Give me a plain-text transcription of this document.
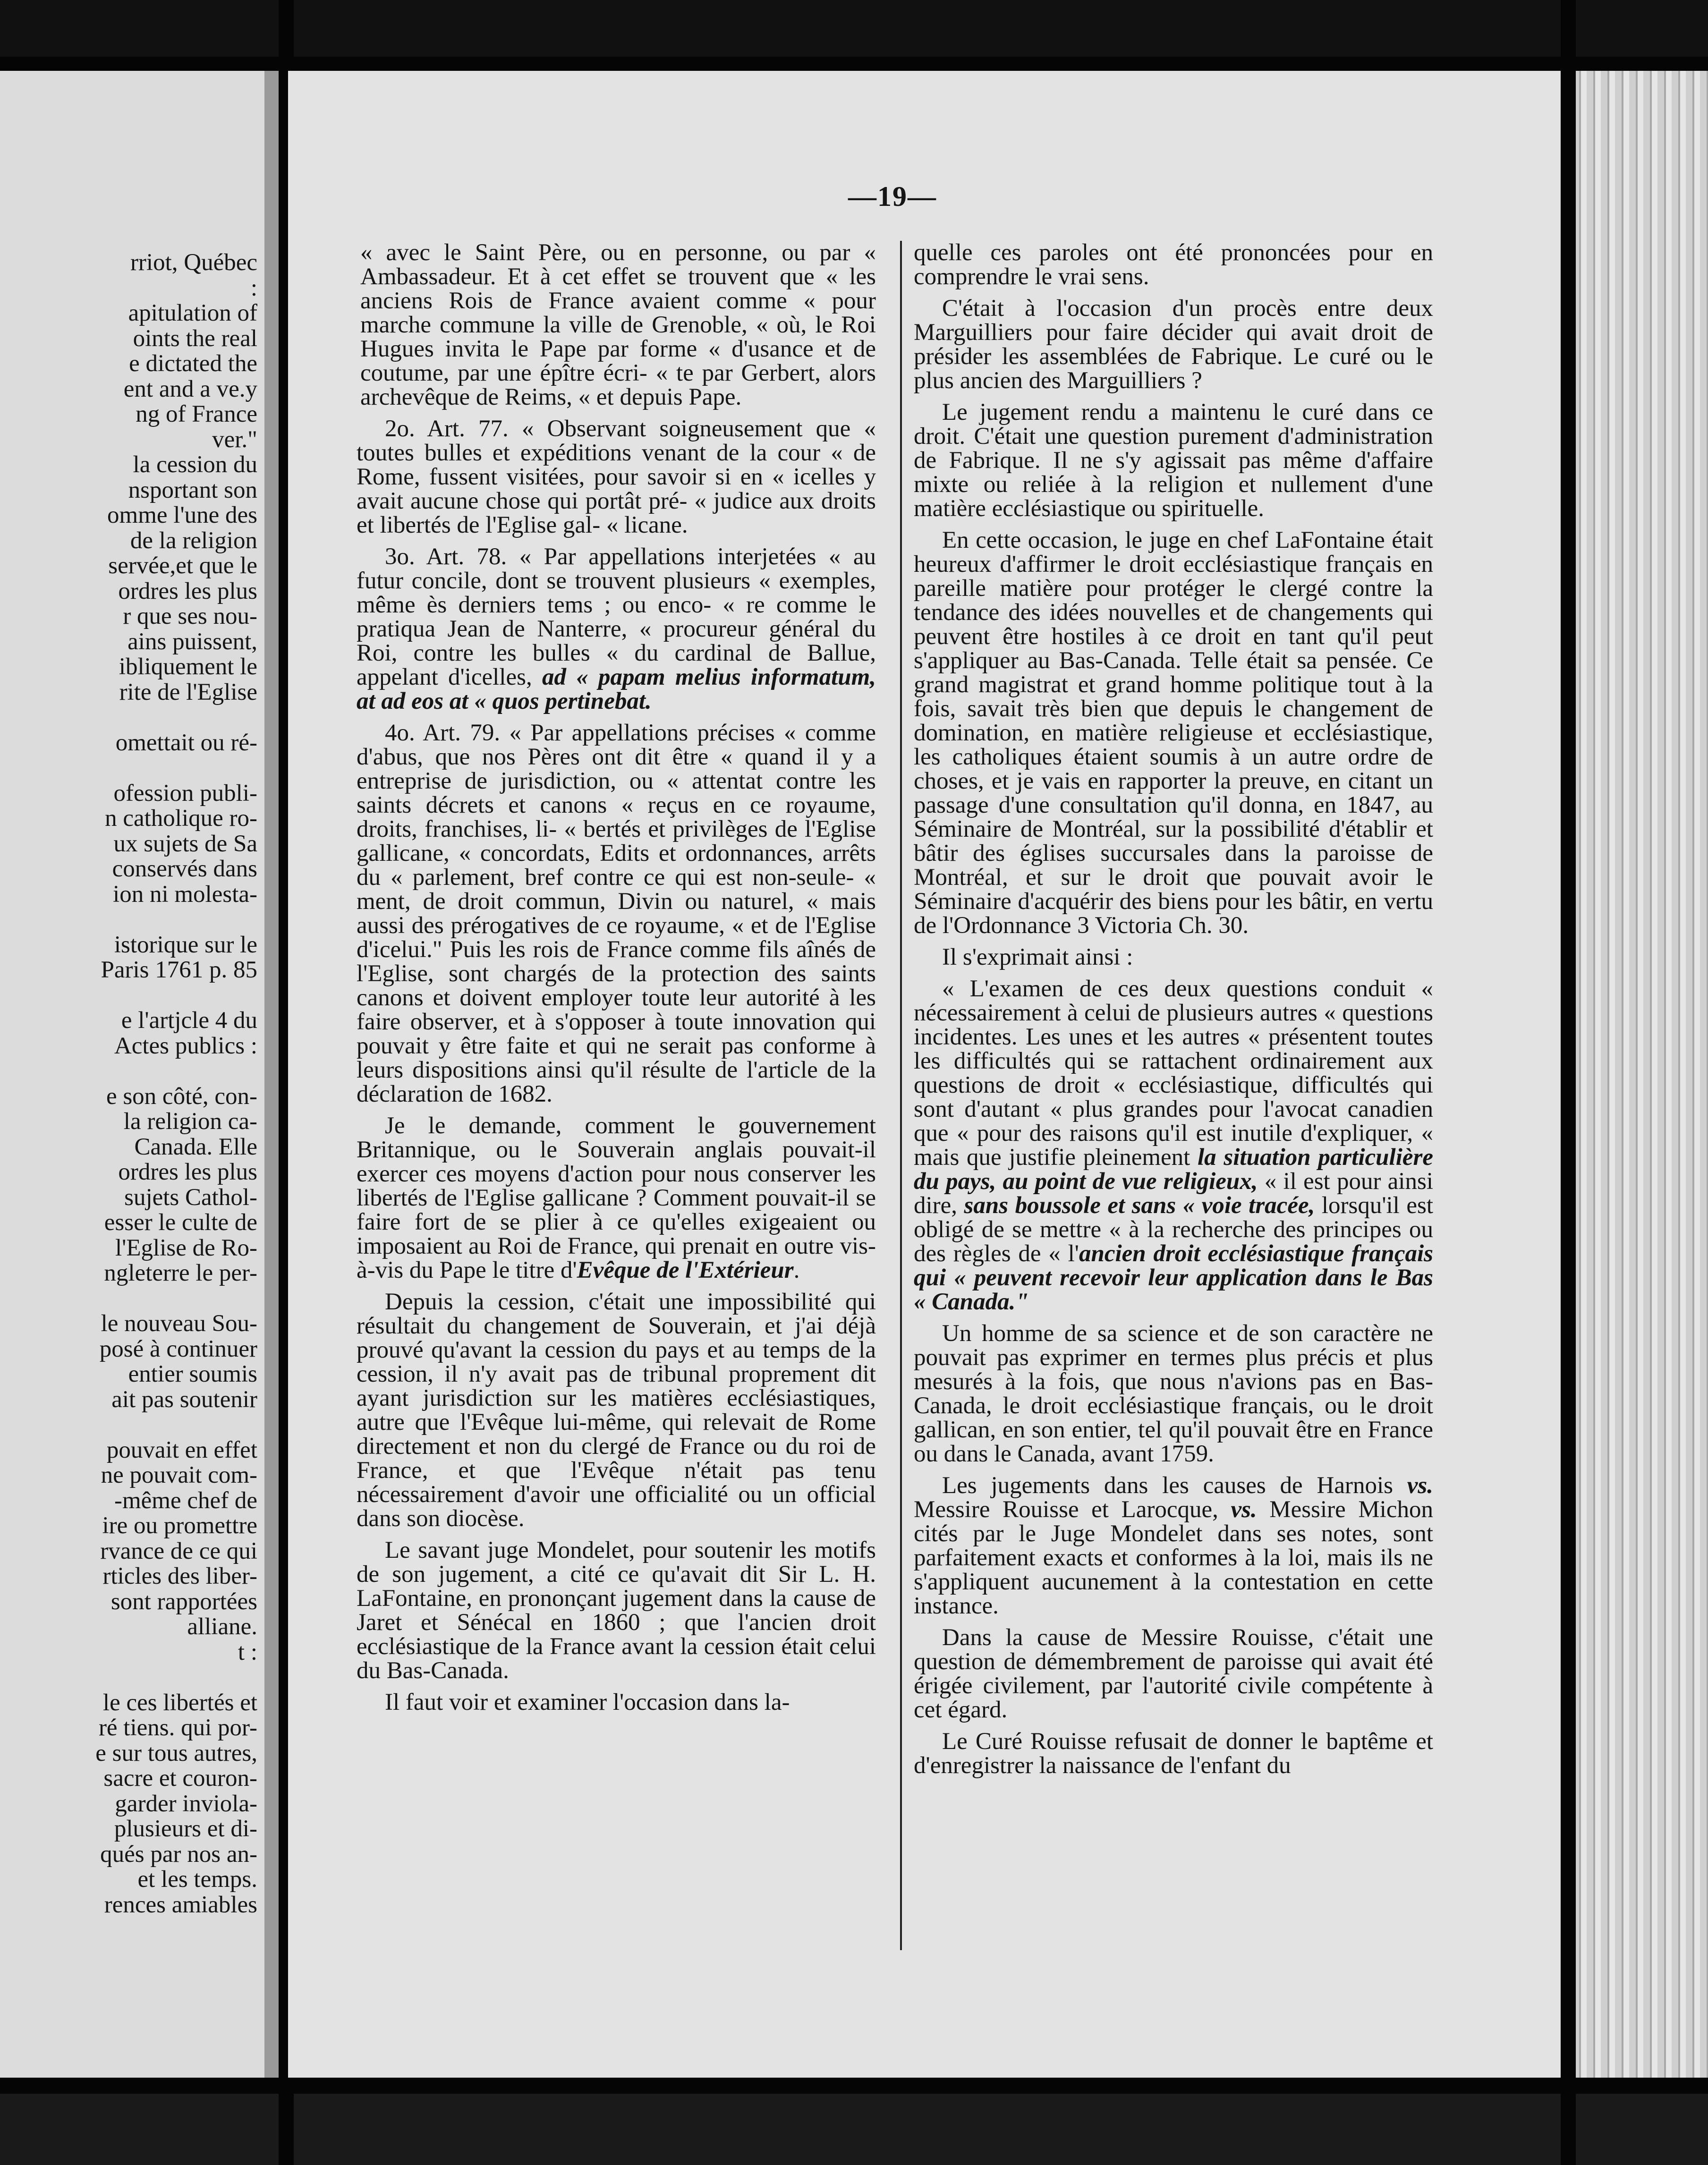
rriot, Québec
:
apitulation of
oints the real
e dictated the
ent and a ve.y
ng of France
ver."
la cession du
nsportant son
omme l'une des
de la religion
servée,et que le
ordres les plus
r que ses nou-
ains puissent,
ibliquement le
rite de l'Eglise

omettait ou ré-

ofession publi-
n catholique ro-
ux sujets de Sa
conservés dans
ion ni molesta-

istorique sur le
Paris 1761 p. 85

e l'artjcle 4 du
Actes publics :

e son côté, con-
la religion ca-
Canada. Elle
ordres les plus
sujets Cathol-
esser le culte de
l'Eglise de Ro-
ngleterre le per-

le nouveau Sou-
posé à continuer
entier soumis
ait pas soutenir

pouvait en effet
ne pouvait com-
-même chef de
ire ou promettre
rvance de ce qui
rticles des liber-
sont rapportées
alliane.
t :

le ces libertés et
ré tiens. qui por-
e sur tous autres,
sacre et couron-
garder inviola-
plusieurs et di-
qués par nos an-
et les temps.
rences amiables
—19—

« avec le Saint Père, ou en personne, ou par « Ambassadeur. Et à cet effet se trouvent que « les anciens Rois de France avaient comme « pour marche commune la ville de Grenoble, « où, le Roi Hugues invita le Pape par forme « d'usance et de coutume, par une épître écri- « te par Gerbert, alors archevêque de Reims, « et depuis Pape.

2o. Art. 77. « Observant soigneusement que « toutes bulles et expéditions venant de la cour « de Rome, fussent visitées, pour savoir si en « icelles y avait aucune chose qui portât pré- « judice aux droits et libertés de l'Eglise gal- « licane.

3o. Art. 78. « Par appellations interjetées « au futur concile, dont se trouvent plusieurs « exemples, même ès derniers tems ; ou enco- « re comme le pratiqua Jean de Nanterre, « procureur général du Roi, contre les bulles « du cardinal de Ballue, appelant d'icelles, ad « papam melius informatum, at ad eos at « quos pertinebat.

4o. Art. 79. « Par appellations précises « comme d'abus, que nos Pères ont dit être « quand il y a entreprise de jurisdiction, ou « attentat contre les saints décrets et canons « reçus en ce royaume, droits, franchises, li- « bertés et privilèges de l'Eglise gallicane, « concordats, Edits et ordonnances, arrêts du « parlement, bref contre ce qui est non-seule- « ment, de droit commun, Divin ou naturel, « mais aussi des prérogatives de ce royaume, « et de l'Eglise d'icelui." Puis les rois de France comme fils aînés de l'Eglise, sont chargés de la protection des saints canons et doivent employer toute leur autorité à les faire observer, et à s'opposer à toute innovation qui pouvait y être faite et qui ne serait pas conforme à leurs dispositions ainsi qu'il résulte de l'article de la déclaration de 1682.

Je le demande, comment le gouvernement Britannique, ou le Souverain anglais pouvait-il exercer ces moyens d'action pour nous conserver les libertés de l'Eglise gallicane ? Comment pouvait-il se faire fort de se plier à ce qu'elles exigeaient ou imposaient au Roi de France, qui prenait en outre vis-à-vis du Pape le titre d'Evêque de l'Extérieur.

Depuis la cession, c'était une impossibilité qui résultait du changement de Souverain, et j'ai déjà prouvé qu'avant la cession du pays et au temps de la cession, il n'y avait pas de tribunal proprement dit ayant jurisdiction sur les matières ecclésiastiques, autre que l'Evêque lui-même, qui relevait de Rome directement et non du clergé de France ou du roi de France, et que l'Evêque n'était pas tenu nécessairement d'avoir une officialité ou un official dans son diocèse.

Le savant juge Mondelet, pour soutenir les motifs de son jugement, a cité ce qu'avait dit Sir L. H. LaFontaine, en prononçant jugement dans la cause de Jaret et Sénécal en 1860 ; que l'ancien droit ecclésiastique de la France avant la cession était celui du Bas-Canada.

Il faut voir et examiner l'occasion dans la-

quelle ces paroles ont été prononcées pour en comprendre le vrai sens.

C'était à l'occasion d'un procès entre deux Marguilliers pour faire décider qui avait droit de présider les assemblées de Fabrique. Le curé ou le plus ancien des Marguilliers ?

Le jugement rendu a maintenu le curé dans ce droit. C'était une question purement d'administration de Fabrique. Il ne s'y agissait pas même d'affaire mixte ou reliée à la religion et nullement d'une matière ecclésiastique ou spirituelle.

En cette occasion, le juge en chef LaFontaine était heureux d'affirmer le droit ecclésiastique français en pareille matière pour protéger le clergé contre la tendance des idées nouvelles et de changements qui peuvent être hostiles à ce droit en tant qu'il peut s'appliquer au Bas-Canada. Telle était sa pensée. Ce grand magistrat et grand homme politique tout à la fois, savait très bien que depuis le changement de domination, en matière religieuse et ecclésiastique, les catholiques étaient soumis à un autre ordre de choses, et je vais en rapporter la preuve, en citant un passage d'une consultation qu'il donna, en 1847, au Séminaire de Montréal, sur la possibilité d'établir et bâtir des églises succursales dans la paroisse de Montréal, et sur le droit que pouvait avoir le Séminaire d'acquérir des biens pour les bâtir, en vertu de l'Ordonnance 3 Victoria Ch. 30.

Il s'exprimait ainsi :

« L'examen de ces deux questions conduit « nécessairement à celui de plusieurs autres « questions incidentes. Les unes et les autres « présentent toutes les difficultés qui se rattachent ordinairement aux questions de droit « ecclésiastique, difficultés qui sont d'autant « plus grandes pour l'avocat canadien que « pour des raisons qu'il est inutile d'expliquer, « mais que justifie pleinement la situation particulière du pays, au point de vue religieux, « il est pour ainsi dire, sans boussole et sans « voie tracée, lorsqu'il est obligé de se mettre « à la recherche des principes ou des règles de « l'ancien droit ecclésiastique français qui « peuvent recevoir leur application dans le Bas « Canada."

Un homme de sa science et de son caractère ne pouvait pas exprimer en termes plus précis et plus mesurés à la fois, que nous n'avions pas en Bas-Canada, le droit ecclésiastique français, ou le droit gallican, en son entier, tel qu'il pouvait être en France ou dans le Canada, avant 1759.

Les jugements dans les causes de Harnois vs. Messire Rouisse et Larocque, vs. Messire Michon cités par le Juge Mondelet dans ses notes, sont parfaitement exacts et conformes à la loi, mais ils ne s'appliquent aucunement à la contestation en cette instance.

Dans la cause de Messire Rouisse, c'était une question de démembrement de paroisse qui avait été érigée civilement, par l'autorité civile compétente à cet égard.

Le Curé Rouisse refusait de donner le baptême et d'enregistrer la naissance de l'enfant du
